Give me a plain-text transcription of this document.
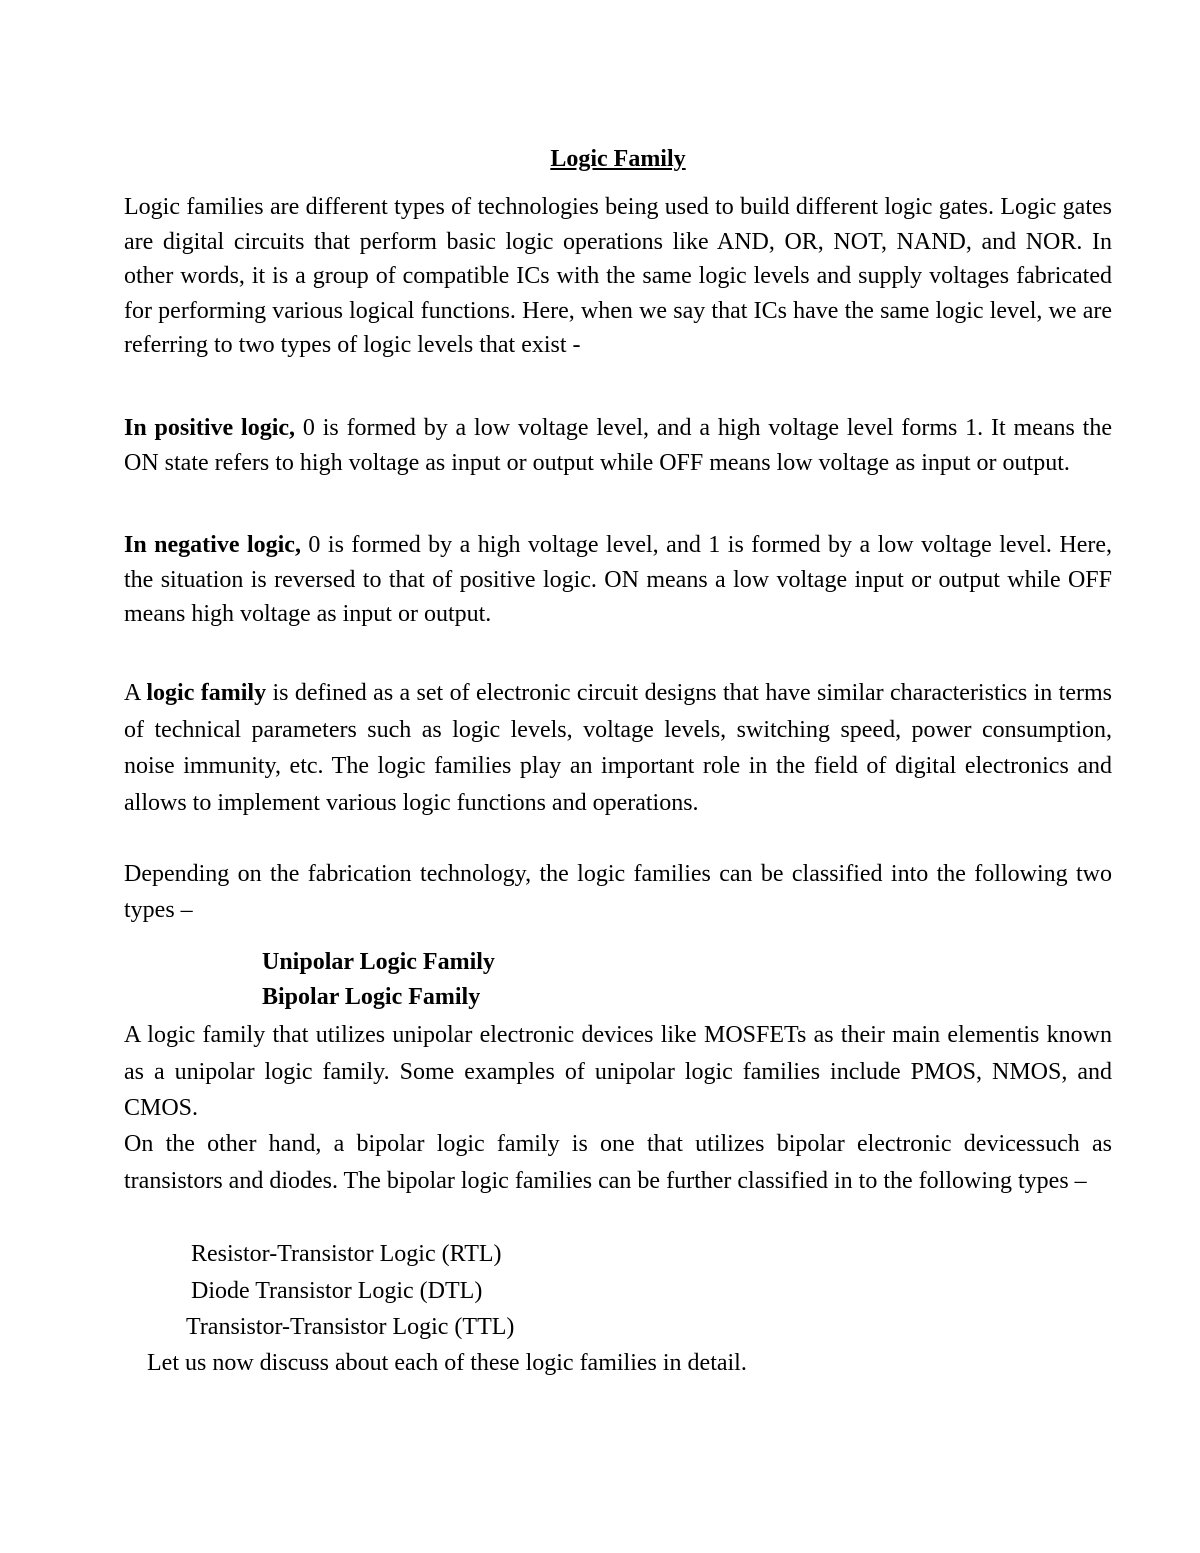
Logic Family

Logic families are different types of technologies being used to build different logic gates. Logic gates are digital circuits that perform basic logic operations like AND, OR, NOT, NAND, and NOR. In other words, it is a group of compatible ICs with the same logic levels and supply voltages fabricated for performing various logical functions. Here, when we say that ICs have the same logic level, we are referring to two types of logic levels that exist -

In positive logic, 0 is formed by a low voltage level, and a high voltage level forms 1. It means the ON state refers to high voltage as input or output while OFF means low voltage as input or output.

In negative logic, 0 is formed by a high voltage level, and 1 is formed by a low voltage level. Here, the situation is reversed to that of positive logic. ON means a low voltage input or output while OFF means high voltage as input or output.

A logic family is defined as a set of electronic circuit designs that have similar characteristics in terms of technical parameters such as logic levels, voltage levels, switching speed, power consumption, noise immunity, etc. The logic families play an important role in the field of digital electronics and allows to implement various logic functions and operations.

Depending on the fabrication technology, the logic families can be classified into the following two types –

Unipolar Logic Family
Bipolar Logic Family

A logic family that utilizes unipolar electronic devices like MOSFETs as their main elementis known as a unipolar logic family. Some examples of unipolar logic families include PMOS, NMOS, and CMOS.

On the other hand, a bipolar logic family is one that utilizes bipolar electronic devicessuch as transistors and diodes. The bipolar logic families can be further classified in to the following types –

Resistor-Transistor Logic (RTL)
Diode Transistor Logic (DTL)
Transistor-Transistor Logic (TTL)

Let us now discuss about each of these logic families in detail.
